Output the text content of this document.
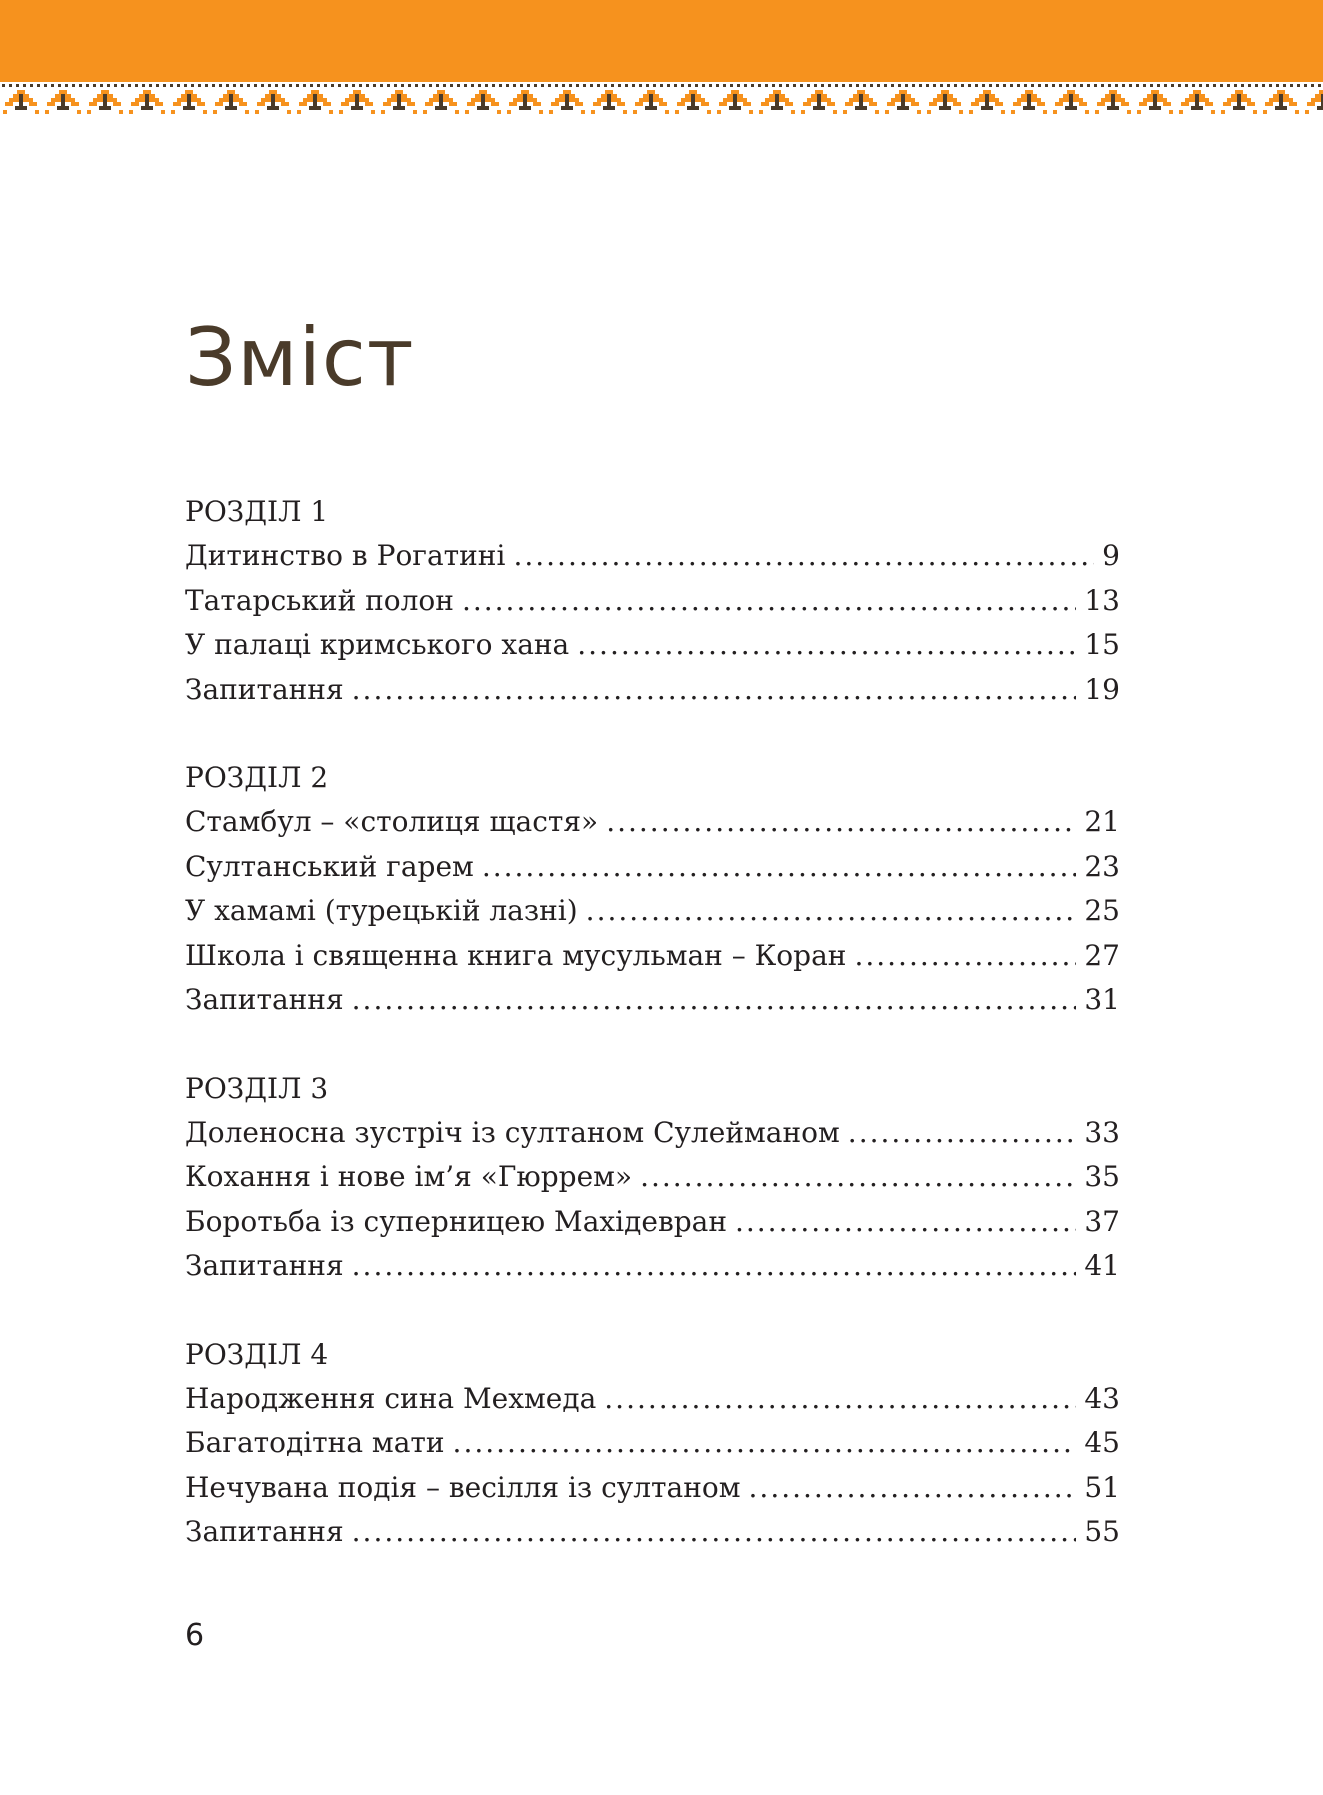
Зміст
РОЗДІЛ 1
Дитинство в Рогатині .....	9
Татарський полон .....	13
У палаці кримського хана .....	15
Запитання .....	19
РОЗДІЛ 2
Стамбул – «столиця щастя» .....	21
Султанський гарем .....	23
У хамамі (турецькій лазні) .....	25
Школа і священна книга мусульман – Коран .....	27
Запитання .....	31
РОЗДІЛ 3
Доленосна зустріч із султаном Сулейманом .....	33
Кохання і нове ім’я «Гюррем» .....	35
Боротьба із суперницею Махідевран .....	37
Запитання .....	41
РОЗДІЛ 4
Народження сина Мехмеда .....	43
Багатодітна мати .....	45
Нечувана подія – весілля із султаном .....	51
Запитання .....	55
6
